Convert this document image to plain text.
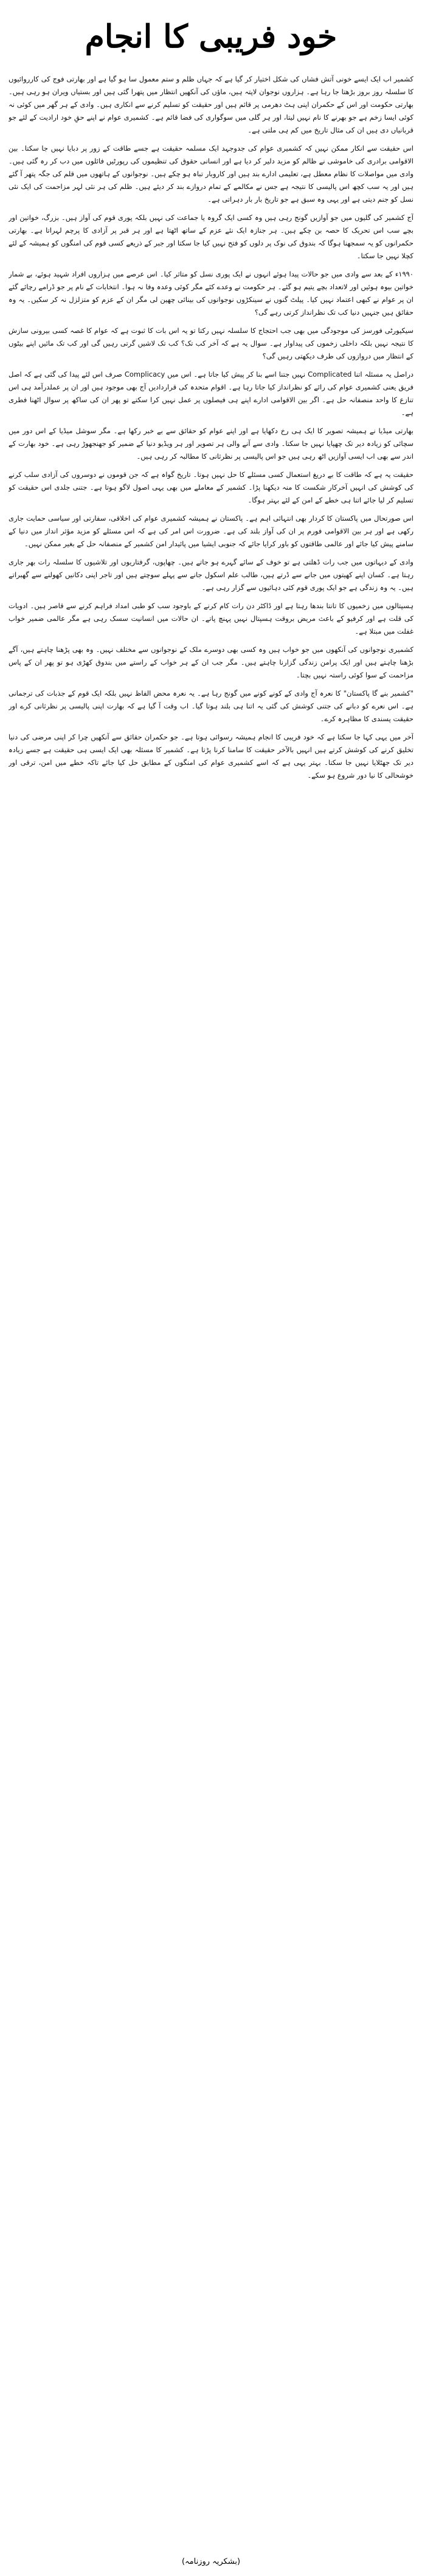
خود فریبی کا انجام

کشمیر اب ایک ایسے خونی آتش فشاں کی شکل اختیار کر گیا ہے کہ جہاں ظلم و ستم معمول سا ہو گیا ہے اور بھارتی فوج کی کارروائیوں کا سلسلہ روز بروز بڑھتا جا رہا ہے۔ ہزاروں نوجوان لاپتہ ہیں، ماؤں کی آنکھیں انتظار میں پتھرا گئی ہیں اور بستیاں ویران ہو رہی ہیں۔ بھارتی حکومت اور اس کے حکمران اپنی ہٹ دھرمی پر قائم ہیں اور حقیقت کو تسلیم کرنے سے انکاری ہیں۔ وادی کے ہر گھر میں کوئی نہ کوئی ایسا زخم ہے جو بھرنے کا نام نہیں لیتا، اور ہر گلی میں سوگواری کی فضا قائم ہے۔ کشمیری عوام نے اپنے حقِ خود ارادیت کے لئے جو قربانیاں دی ہیں ان کی مثال تاریخ میں کم ہی ملتی ہے۔

اس حقیقت سے انکار ممکن نہیں کہ کشمیری عوام کی جدوجہد ایک مسلمہ حقیقت ہے جسے طاقت کے زور پر دبایا نہیں جا سکتا۔ بین الاقوامی برادری کی خاموشی نے ظالم کو مزید دلیر کر دیا ہے اور انسانی حقوق کی تنظیموں کی رپورٹیں فائلوں میں دب کر رہ گئی ہیں۔ وادی میں مواصلات کا نظام معطل ہے، تعلیمی ادارے بند ہیں اور کاروبار تباہ ہو چکے ہیں۔ نوجوانوں کے ہاتھوں میں قلم کی جگہ پتھر آ گئے ہیں اور یہ سب کچھ اس پالیسی کا نتیجہ ہے جس نے مکالمے کے تمام دروازے بند کر دیئے ہیں۔ ظلم کی ہر نئی لہر مزاحمت کی ایک نئی نسل کو جنم دیتی ہے اور یہی وہ سبق ہے جو تاریخ بار بار دہراتی ہے۔

آج کشمیر کی گلیوں میں جو آوازیں گونج رہی ہیں وہ کسی ایک گروہ یا جماعت کی نہیں بلکہ پوری قوم کی آواز ہیں۔ بزرگ، خواتین اور بچے سب اس تحریک کا حصہ بن چکے ہیں۔ ہر جنازہ ایک نئے عزم کے ساتھ اٹھتا ہے اور ہر قبر پر آزادی کا پرچم لہراتا ہے۔ بھارتی حکمرانوں کو یہ سمجھنا ہوگا کہ بندوق کی نوک پر دلوں کو فتح نہیں کیا جا سکتا اور جبر کے ذریعے کسی قوم کی امنگوں کو ہمیشہ کے لئے کچلا نہیں جا سکتا۔

۱۹۹۰ء کے بعد سے وادی میں جو حالات پیدا ہوئے انہوں نے ایک پوری نسل کو متاثر کیا۔ اس عرصے میں ہزاروں افراد شہید ہوئے، بے شمار خواتین بیوہ ہوئیں اور لاتعداد بچے یتیم ہو گئے۔ ہر حکومت نے وعدے کئے مگر کوئی وعدہ وفا نہ ہوا۔ انتخابات کے نام پر جو ڈرامے رچائے گئے ان پر عوام نے کبھی اعتماد نہیں کیا۔ پیلٹ گنوں نے سینکڑوں نوجوانوں کی بینائی چھین لی مگر ان کے عزم کو متزلزل نہ کر سکیں۔ یہ وہ حقائق ہیں جنہیں دنیا کب تک نظرانداز کرتی رہے گی؟

سیکیورٹی فورسز کی موجودگی میں بھی جب احتجاج کا سلسلہ نہیں رکتا تو یہ اس بات کا ثبوت ہے کہ عوام کا غصہ کسی بیرونی سازش کا نتیجہ نہیں بلکہ داخلی زخموں کی پیداوار ہے۔ سوال یہ ہے کہ آخر کب تک؟ کب تک لاشیں گرتی رہیں گی اور کب تک مائیں اپنے بیٹوں کے انتظار میں دروازوں کی طرف دیکھتی رہیں گی؟

دراصل یہ مسئلہ اتنا Complicated نہیں جتنا اسے بنا کر پیش کیا جاتا ہے۔ اس میں Complicacy صرف اس لئے پیدا کی گئی ہے کہ اصل فریق یعنی کشمیری عوام کی رائے کو نظرانداز کیا جاتا رہا ہے۔ اقوام متحدہ کی قراردادیں آج بھی موجود ہیں اور ان پر عملدرآمد ہی اس تنازع کا واحد منصفانہ حل ہے۔ اگر بین الاقوامی ادارے اپنے ہی فیصلوں پر عمل نہیں کرا سکتے تو پھر ان کی ساکھ پر سوال اٹھنا فطری ہے۔

بھارتی میڈیا نے ہمیشہ تصویر کا ایک ہی رخ دکھایا ہے اور اپنے عوام کو حقائق سے بے خبر رکھا ہے۔ مگر سوشل میڈیا کے اس دور میں سچائی کو زیادہ دیر تک چھپایا نہیں جا سکتا۔ وادی سے آنے والی ہر تصویر اور ہر ویڈیو دنیا کے ضمیر کو جھنجھوڑ رہی ہے۔ خود بھارت کے اندر سے بھی اب ایسی آوازیں اٹھ رہی ہیں جو اس پالیسی پر نظرثانی کا مطالبہ کر رہی ہیں۔

حقیقت یہ ہے کہ طاقت کا بے دریغ استعمال کسی مسئلے کا حل نہیں ہوتا۔ تاریخ گواہ ہے کہ جن قوموں نے دوسروں کی آزادی سلب کرنے کی کوشش کی انہیں آخرکار شکست کا منہ دیکھنا پڑا۔ کشمیر کے معاملے میں بھی یہی اصول لاگو ہوتا ہے۔ جتنی جلدی اس حقیقت کو تسلیم کر لیا جائے اتنا ہی خطے کے امن کے لئے بہتر ہوگا۔

اس صورتحال میں پاکستان کا کردار بھی انتہائی اہم ہے۔ پاکستان نے ہمیشہ کشمیری عوام کی اخلاقی، سفارتی اور سیاسی حمایت جاری رکھی ہے اور ہر بین الاقوامی فورم پر ان کی آواز بلند کی ہے۔ ضرورت اس امر کی ہے کہ اس مسئلے کو مزید مؤثر انداز میں دنیا کے سامنے پیش کیا جائے اور عالمی طاقتوں کو باور کرایا جائے کہ جنوبی ایشیا میں پائیدار امن کشمیر کے منصفانہ حل کے بغیر ممکن نہیں۔

وادی کے دیہاتوں میں جب رات ڈھلتی ہے تو خوف کے سائے گہرے ہو جاتے ہیں۔ چھاپوں، گرفتاریوں اور تلاشیوں کا سلسلہ رات بھر جاری رہتا ہے۔ کسان اپنے کھیتوں میں جانے سے ڈرتے ہیں، طالب علم اسکول جانے سے پہلے سوچتے ہیں اور تاجر اپنی دکانیں کھولنے سے گھبراتے ہیں۔ یہ وہ زندگی ہے جو ایک پوری قوم کئی دہائیوں سے گزار رہی ہے۔

ہسپتالوں میں زخمیوں کا تانتا بندھا رہتا ہے اور ڈاکٹر دن رات کام کرنے کے باوجود سب کو طبی امداد فراہم کرنے سے قاصر ہیں۔ ادویات کی قلت ہے اور کرفیو کے باعث مریض بروقت ہسپتال نہیں پہنچ پاتے۔ ان حالات میں انسانیت سسک رہی ہے مگر عالمی ضمیر خواب غفلت میں مبتلا ہے۔

کشمیری نوجوانوں کی آنکھوں میں جو خواب ہیں وہ کسی بھی دوسرے ملک کے نوجوانوں سے مختلف نہیں۔ وہ بھی پڑھنا چاہتے ہیں، آگے بڑھنا چاہتے ہیں اور ایک پرامن زندگی گزارنا چاہتے ہیں۔ مگر جب ان کے ہر خواب کے راستے میں بندوق کھڑی ہو تو پھر ان کے پاس مزاحمت کے سوا کوئی راستہ نہیں بچتا۔

"کشمیر بنے گا پاکستان" کا نعرہ آج وادی کے کونے کونے میں گونج رہا ہے۔ یہ نعرہ محض الفاظ نہیں بلکہ ایک قوم کے جذبات کی ترجمانی ہے۔ اس نعرے کو دبانے کی جتنی کوشش کی گئی یہ اتنا ہی بلند ہوتا گیا۔ اب وقت آ گیا ہے کہ بھارت اپنی پالیسی پر نظرثانی کرے اور حقیقت پسندی کا مظاہرہ کرے۔

آخر میں یہی کہا جا سکتا ہے کہ خود فریبی کا انجام ہمیشہ رسوائی ہوتا ہے۔ جو حکمران حقائق سے آنکھیں چرا کر اپنی مرضی کی دنیا تخلیق کرنے کی کوشش کرتے ہیں انہیں بالآخر حقیقت کا سامنا کرنا پڑتا ہے۔ کشمیر کا مسئلہ بھی ایک ایسی ہی حقیقت ہے جسے زیادہ دیر تک جھٹلایا نہیں جا سکتا۔ بہتر یہی ہے کہ اسے کشمیری عوام کی امنگوں کے مطابق حل کیا جائے تاکہ خطے میں امن، ترقی اور خوشحالی کا نیا دور شروع ہو سکے۔

(بشکریہ روزنامہ)
